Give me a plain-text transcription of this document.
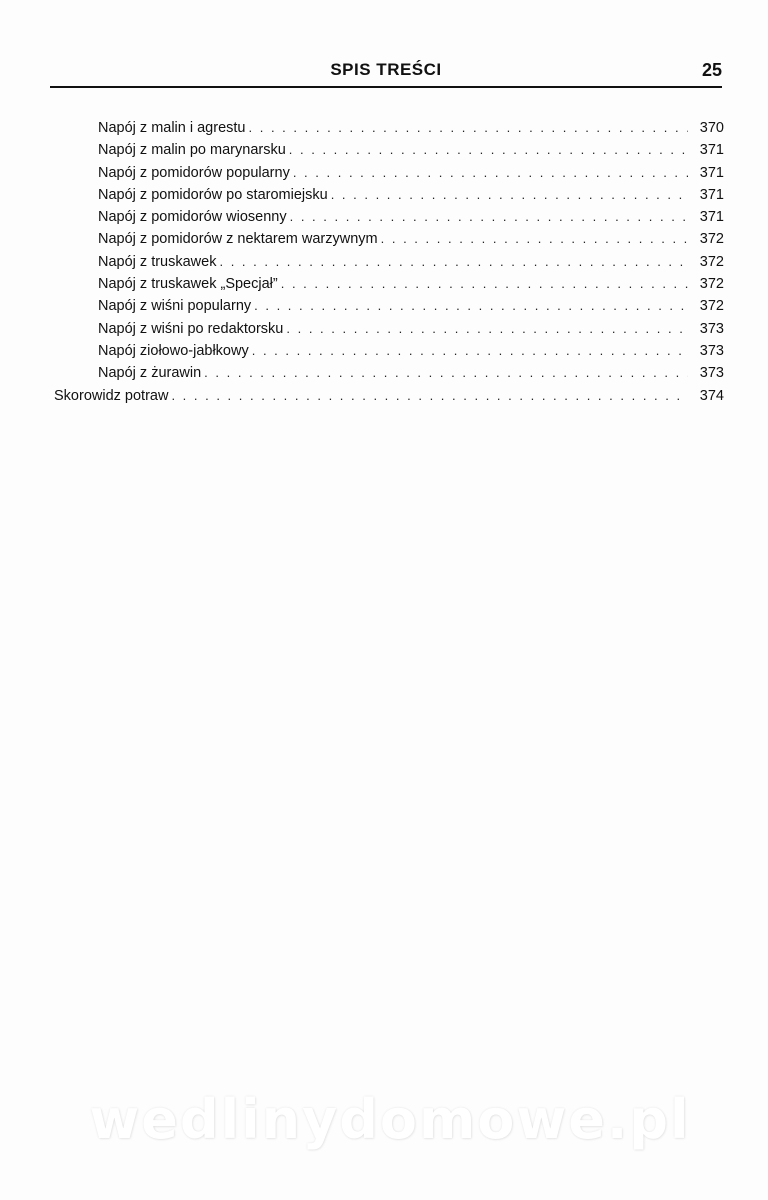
SPIS TREŚCI	25
Napój z malin i agrestu . . .	370
Napój z malin po marynarsku . . .	371
Napój z pomidorów popularny . . .	371
Napój z pomidorów po staromiejsku . . .	371
Napój z pomidorów wiosenny . . .	371
Napój z pomidorów z nektarem warzywnym . . .	372
Napój z truskawek . . .	372
Napój z truskawek „Specjał” . . .	372
Napój z wiśni popularny . . .	372
Napój z wiśni po redaktorsku . . .	373
Napój ziołowo-jabłkowy . . .	373
Napój z żurawin . . .	373
Skorowidz potraw . . .	374
wedlinydomowe.pl
